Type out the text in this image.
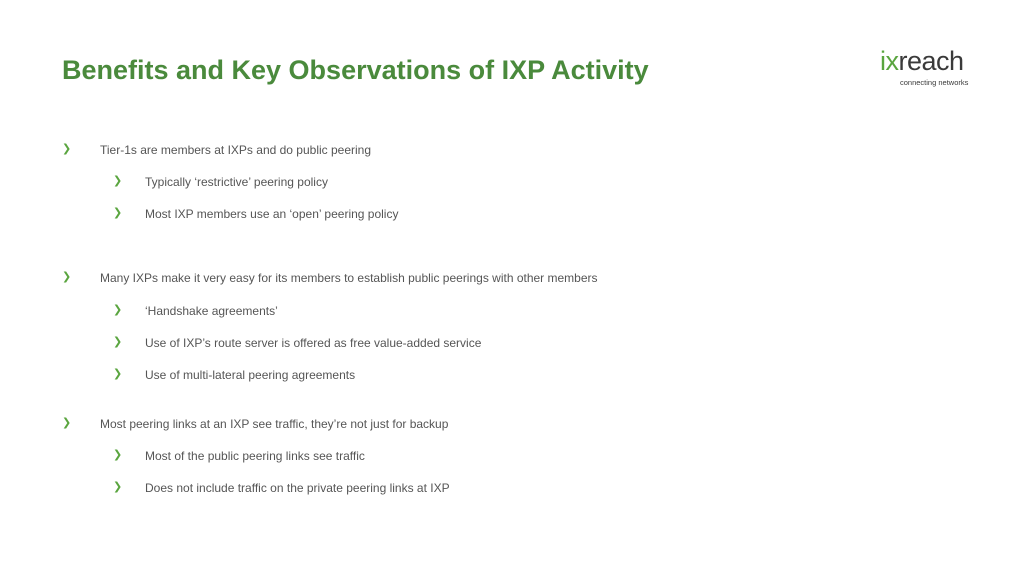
Benefits and Key Observations of IXP Activity	ixreach
connecting networks
❯ Tier-1s are members at IXPs and do public peering
❯ Typically ‘restrictive’ peering policy
❯ Most IXP members use an ‘open’ peering policy
❯ Many IXPs make it very easy for its members to establish public peerings with other members
❯ ‘Handshake agreements’
❯ Use of IXP’s route server is offered as free value-added service
❯ Use of multi-lateral peering agreements
❯ Most peering links at an IXP see traffic, they’re not just for backup
❯ Most of the public peering links see traffic
❯ Does not include traffic on the private peering links at IXP
